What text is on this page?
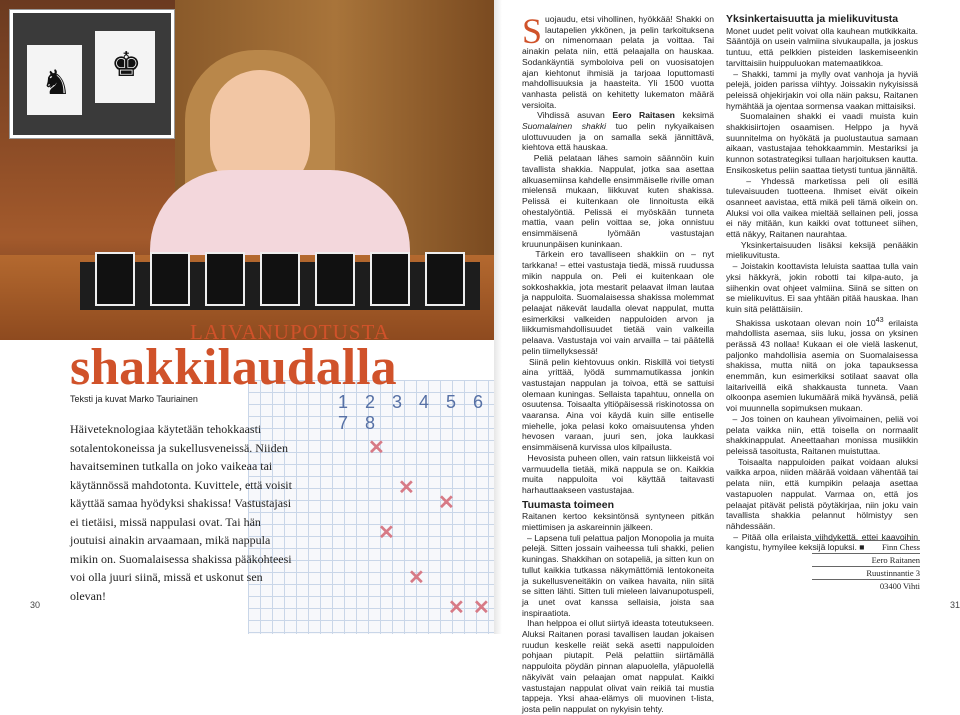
♞ ♚
1 2 3 4 5 6 7 8
✕
✕
✕
✕
✕
✕ ✕
LAIVANUPOTUSTA
shakkilaudalla
Teksti ja kuvat Marko Tauriainen
Häiveteknologiaa käytetään tehokkaasti sotalentokoneissa ja sukellusveneissä. Niiden havaitseminen tutkalla on joko vaikeaa tai käytännössä mahdotonta. Kuvittele, että voisit käyttää samaa hyödyksi shakissa! Vastustajasi ei tietäisi, missä nappulasi ovat. Tai hän joutuisi ainakin arvaamaan, mikä nappula mikin on. Suomalaisessa shakissa pääkohteesi voi olla juuri siinä, missä et uskonut sen olevan!

Suojaudu, etsi vihollinen, hyökkää! Shakki on lautapelien ykkönen, ja pelin tarkoituksena on nimenomaan pelata ja voittaa. Tai ainakin pelata niin, että pelaajalla on hauskaa. Sodankäyntiä symboloiva peli on vuosisatojen ajan kiehtonut ihmisiä ja tarjoaa loputtomasti mahdollisuuksia ja haasteita. Yli 1500 vuotta vanhasta pelistä on kehitetty lukematon määrä versioita.

Vihdissä asuvan Eero Raitasen keksimä Suomalainen shakki tuo pelin nykyaikaisen ulottuvuuden ja on samalla sekä jännittävä, kiehtova että hauskaa.

Peliä pelataan lähes samoin säännöin kuin tavallista shakkia. Nappulat, jotka saa asettaa alkuasemiinsa kahdelle ensimmäiselle riville oman mielensä mukaan, liikkuvat kuten shakissa. Pelissä ei kuitenkaan ole linnoitusta eikä ohestalyöntiä. Pelissä ei myöskään tunneta mattia, vaan pelin voittaa se, joka onnistuu ensimmäisenä lyömään vastustajan kruununpäisen kuninkaan.

Tärkein ero tavalliseen shakkiin on – nyt tarkkana! – ettei vastustaja tiedä, missä ruudussa mikin nappula on. Peli ei kuitenkaan ole sokkoshakkia, jota mestarit pelaavat ilman lautaa ja nappuloita. Suomalaisessa shakissa molemmat pelaajat näkevät laudalla olevat nappulat, mutta esimerkiksi valkeiden nappuloiden arvon ja liikkumismahdollisuudet tietää vain valkeilla pelaava. Vastustaja voi vain arvailla – tai päätellä pelin tiimellyksessä!

Siinä pelin kiehtovuus onkin. Riskillä voi tietysti aina yrittää, lyödä summamutikassa jonkin vastustajan nappulan ja toivoa, että se sattuisi olemaan kuningas. Sellaista tapahtuu, onnella on osuutensa. Toisaalta yltiöpäisessä riskinotossa on vaaransa. Aina voi käydä kuin sille entiselle miehelle, joka pelasi koko omaisuutensa yhden hevosen varaan, juuri sen, joka laukkasi ensimmäisenä kurvissa ulos kilpailusta.

Hevosista puheen ollen, vain ratsun liikkeistä voi varmuudella tietää, mikä nappula se on. Kaikkia muita nappuloita voi käyttää taitavasti harhauttaakseen vastustajaa.

Tuumasta toimeen

Raitanen kertoo keksintönsä syntyneen pitkän miettimisen ja askareinnin jälkeen.

– Lapsena tuli pelattua paljon Monopolia ja muita pelejä. Sitten jossain vaiheessa tuli shakki, pelien kuningas. Shakkihan on sotapeliä, ja sitten kun on tullut kaikkia tutkassa näkymättömiä lentokoneita ja sukellusveneitäkin on vaikea havaita, niin siitä se sitten lähti. Sitten tuli mieleen laivanupotuspeli, ja unet ovat kanssa sellaisia, joista saa inspiraatiota.

Ihan helppoa ei ollut siirtyä ideasta toteutukseen. Aluksi Raitanen porasi tavallisen laudan jokaisen ruudun keskelle reiät sekä asetti nappuloiden pohjaan piutapit. Pelä pelattiin siirtämällä nappuloita pöydän pinnan alapuolella, yläpuolellä näkyivät vain pelaajan omat nappulat. Kaikki vastustajan nappulat olivat vain reikiä tai mustia tappeja. Yksi ahaa-elämys oli muovinen t-lista, josta pelin nappulat on nykyisin tehty.

Yksinkertaisuutta ja mielikuvitusta

Monet uudet pelit voivat olla kauhean mutkikkaita. Sääntöjä on usein valmiina sivukaupalla, ja joskus tuntuu, että pelkkien pisteiden laskemiseenkin tarvittaisiin huippuluokan matemaatikkoa.

– Shakki, tammi ja mylly ovat vanhoja ja hyviä pelejä, joiden parissa viihtyy. Joissakin nykyisissä peleissä ohjekirjakin voi olla näin paksu, Raitanen hymähtää ja ojentaa sormensa vaakan mittaisiksi.

Suomalainen shakki ei vaadi muista kuin shakkisiirtojen osaamisen. Helppo ja hyvä suunnitelma on hyökätä ja puolustautua samaan aikaan, vastustajaa tehokkaammin. Mestariksi ja kunnon sotastrategiksi tullaan harjoituksen kautta. Ensikosketus peliin saattaa tietysti tuntua jännältä.

– Yhdessä marketissa peli oli esillä tulevaisuuden tuotteena. Ihmiset eivät oikein osanneet aavistaa, että mikä peli tämä oikein on. Aluksi voi olla vaikea mieltää sellainen peli, jossa ei näy mitään, kun kaikki ovat tottuneet siihen, että näkyy, Raitanen naurahtaa.

Yksinkertaisuuden lisäksi keksijä penääkin mielikuvitusta.

– Joistakin koottavista leluista saattaa tulla vain yksi häkkyrä, jokin robotti tai kilpa-auto, ja siihenkin ovat ohjeet valmiina. Siinä se sitten on se mielikuvitus. Ei saa yhtään pitää hauskaa. Ihan kuin sitä pelättäisiin.

Shakissa uskotaan olevan noin $10^{43}$ erilaista mahdollista asemaa, siis luku, jossa on yksinen perässä 43 nollaa! Kukaan ei ole vielä laskenut, paljonko mahdollisia asemia on Suomalaisessa shakissa, mutta niitä on joka tapauksessa enemmän, kun esimerkiksi sotilaat saavat olla laitariveillä eikä shakkausta tunneta. Vaan olkoonpa asemien lukumäärä mikä hyvänsä, peliä voi muunnella sopimuksen mukaan.

– Jos toinen on kauhean ylivoimainen, peliä voi pelata vaikka niin, että toisella on normaalit shakkinappulat. Aneettaahan monissa musiikkin peleissä tasoitusta, Raitanen muistuttaa.

Toisaalta nappuloiden paikat voidaan aluksi vaikka arpoa, niiden määrää voidaan vähentää tai pelata niin, että kumpikin pelaaja asettaa vastapuolen nappulat. Varmaa on, että jos pelaajat pitävät pelistä pöytäkirjaa, niin joku vain tavallista shakkia pelannut hölmistyy sen nähdessään.

– Pitää olla erilaista viihdykettä, ettei kaavoihin kangistu, hymyilee keksijä lopuksi. ■	Finn Chess
Eero Raitanen
Ruustinnantie 3
03400 Vihti
30	31
